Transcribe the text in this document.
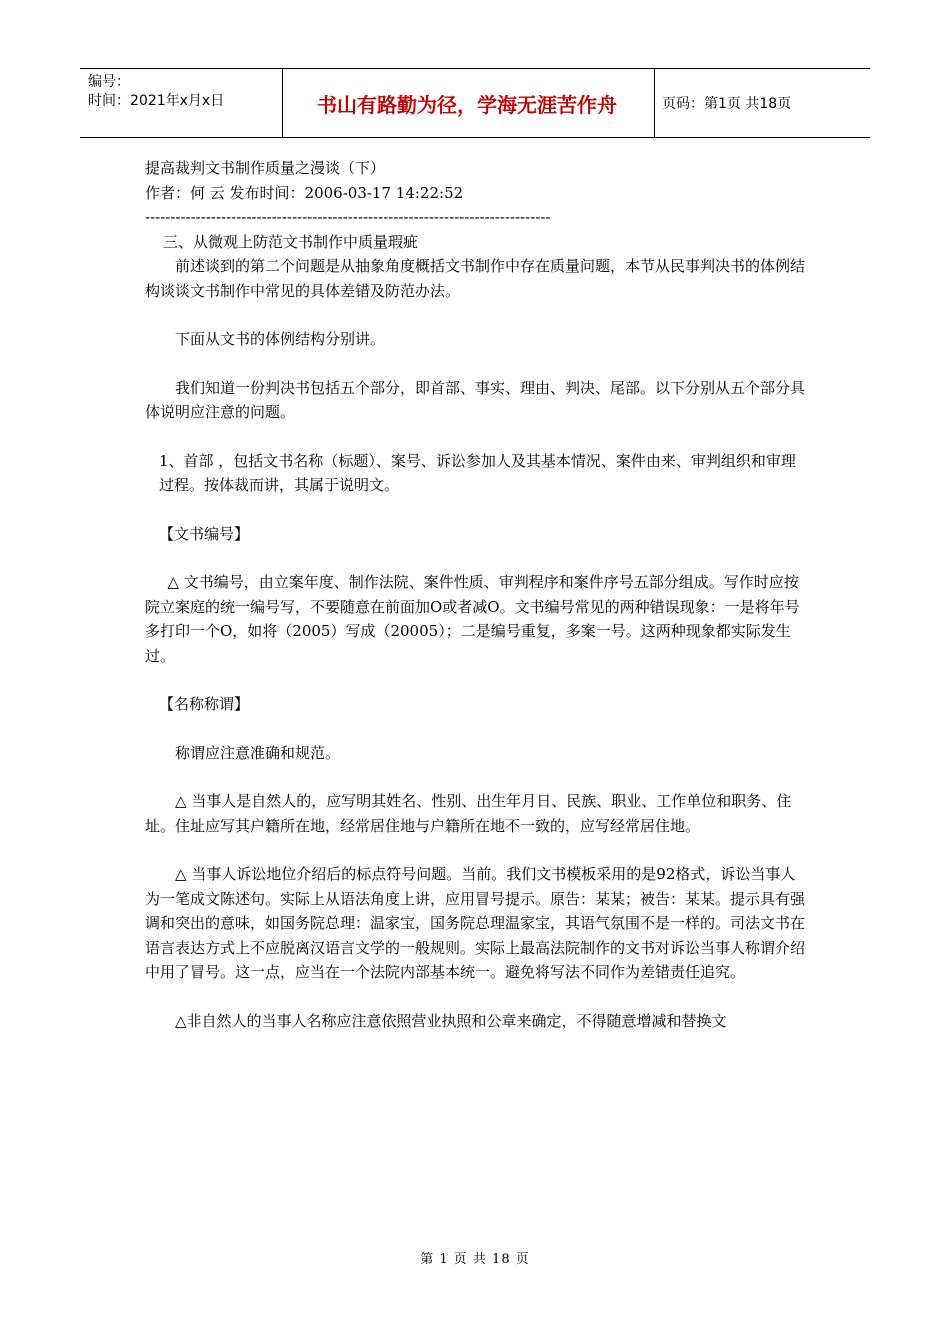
编号：
时间：2021年x月x日	书山有路勤为径，学海无涯苦作舟	页码：第1页 共18页

提高裁判文书制作质量之漫谈（下）

作者：何 云 发布时间：2006-03-17 14:22:52

--------------------------------------------------------------------------------

三、从微观上防范文书制作中质量瑕疵

前述谈到的第二个问题是从抽象角度概括文书制作中存在质量问题，本节从民事判决书的体例结构谈谈文书制作中常见的具体差错及防范办法。

下面从文书的体例结构分别讲。

我们知道一份判决书包括五个部分，即首部、事实、理由、判决、尾部。以下分别从五个部分具体说明应注意的问题。

1、首部 ，包括文书名称（标题）、案号、诉讼参加人及其基本情况、案件由来、审判组织和审理过程。按体裁而讲，其属于说明文。

【文书编号】

△ 文书编号，由立案年度、制作法院、案件性质、审判程序和案件序号五部分组成。写作时应按院立案庭的统一编号写，不要随意在前面加O或者减O。文书编号常见的两种错误现象：一是将年号多打印一个O，如将（2005）写成（20005）；二是编号重复，多案一号。这两种现象都实际发生过。

【名称称谓】

称谓应注意准确和规范。

△ 当事人是自然人的，应写明其姓名、性别、出生年月日、民族、职业、工作单位和职务、住址。住址应写其户籍所在地，经常居住地与户籍所在地不一致的，应写经常居住地。

△ 当事人诉讼地位介绍后的标点符号问题。当前。我们文书模板采用的是92格式，诉讼当事人为一笔成文陈述句。实际上从语法角度上讲，应用冒号提示。原告：某某；被告：某某。提示具有强调和突出的意味，如国务院总理：温家宝，国务院总理温家宝，其语气氛围不是一样的。司法文书在语言表达方式上不应脱离汉语言文学的一般规则。实际上最高法院制作的文书对诉讼当事人称谓介绍中用了冒号。这一点，应当在一个法院内部基本统一。避免将写法不同作为差错责任追究。

△非自然人的当事人名称应注意依照营业执照和公章来确定，不得随意增减和替换文

第 1 页 共 18 页
